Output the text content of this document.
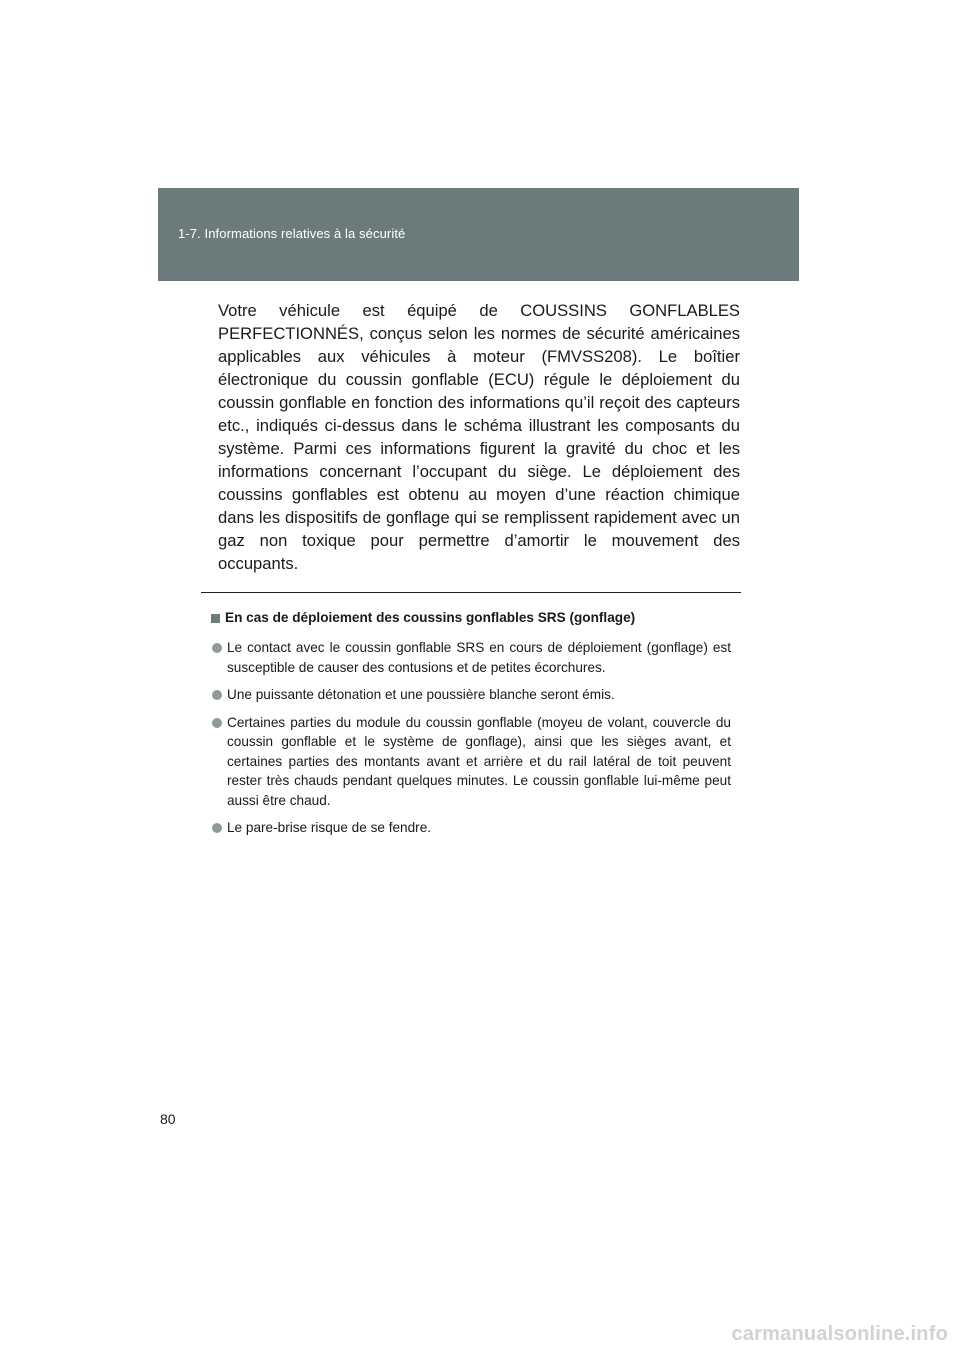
1-7. Informations relatives à la sécurité

Votre véhicule est équipé de COUSSINS GONFLABLES PERFECTIONNÉS, conçus selon les normes de sécurité américaines applicables aux véhicules à moteur (FMVSS208). Le boîtier électronique du coussin gonflable (ECU) régule le déploiement du coussin gonflable en fonction des informations qu’il reçoit des capteurs etc., indiqués ci-dessus dans le schéma illustrant les composants du système. Parmi ces informations figurent la gravité du choc et les informations concernant l’occupant du siège. Le déploiement des coussins gonflables est obtenu au moyen d’une réaction chimique dans les dispositifs de gonflage qui se remplissent rapidement avec un gaz non toxique pour permettre d’amortir le mouvement des occupants.

En cas de déploiement des coussins gonflables SRS (gonflage)
Le contact avec le coussin gonflable SRS en cours de déploiement (gonflage) est susceptible de causer des contusions et de petites écorchures.
Une puissante détonation et une poussière blanche seront émis.
Certaines parties du module du coussin gonflable (moyeu de volant, couvercle du coussin gonflable et le système de gonflage), ainsi que les sièges avant, et certaines parties des montants avant et arrière et du rail latéral de toit peuvent rester très chauds pendant quelques minutes. Le coussin gonflable lui-même peut aussi être chaud.
Le pare-brise risque de se fendre.
80
carmanualsonline.info
